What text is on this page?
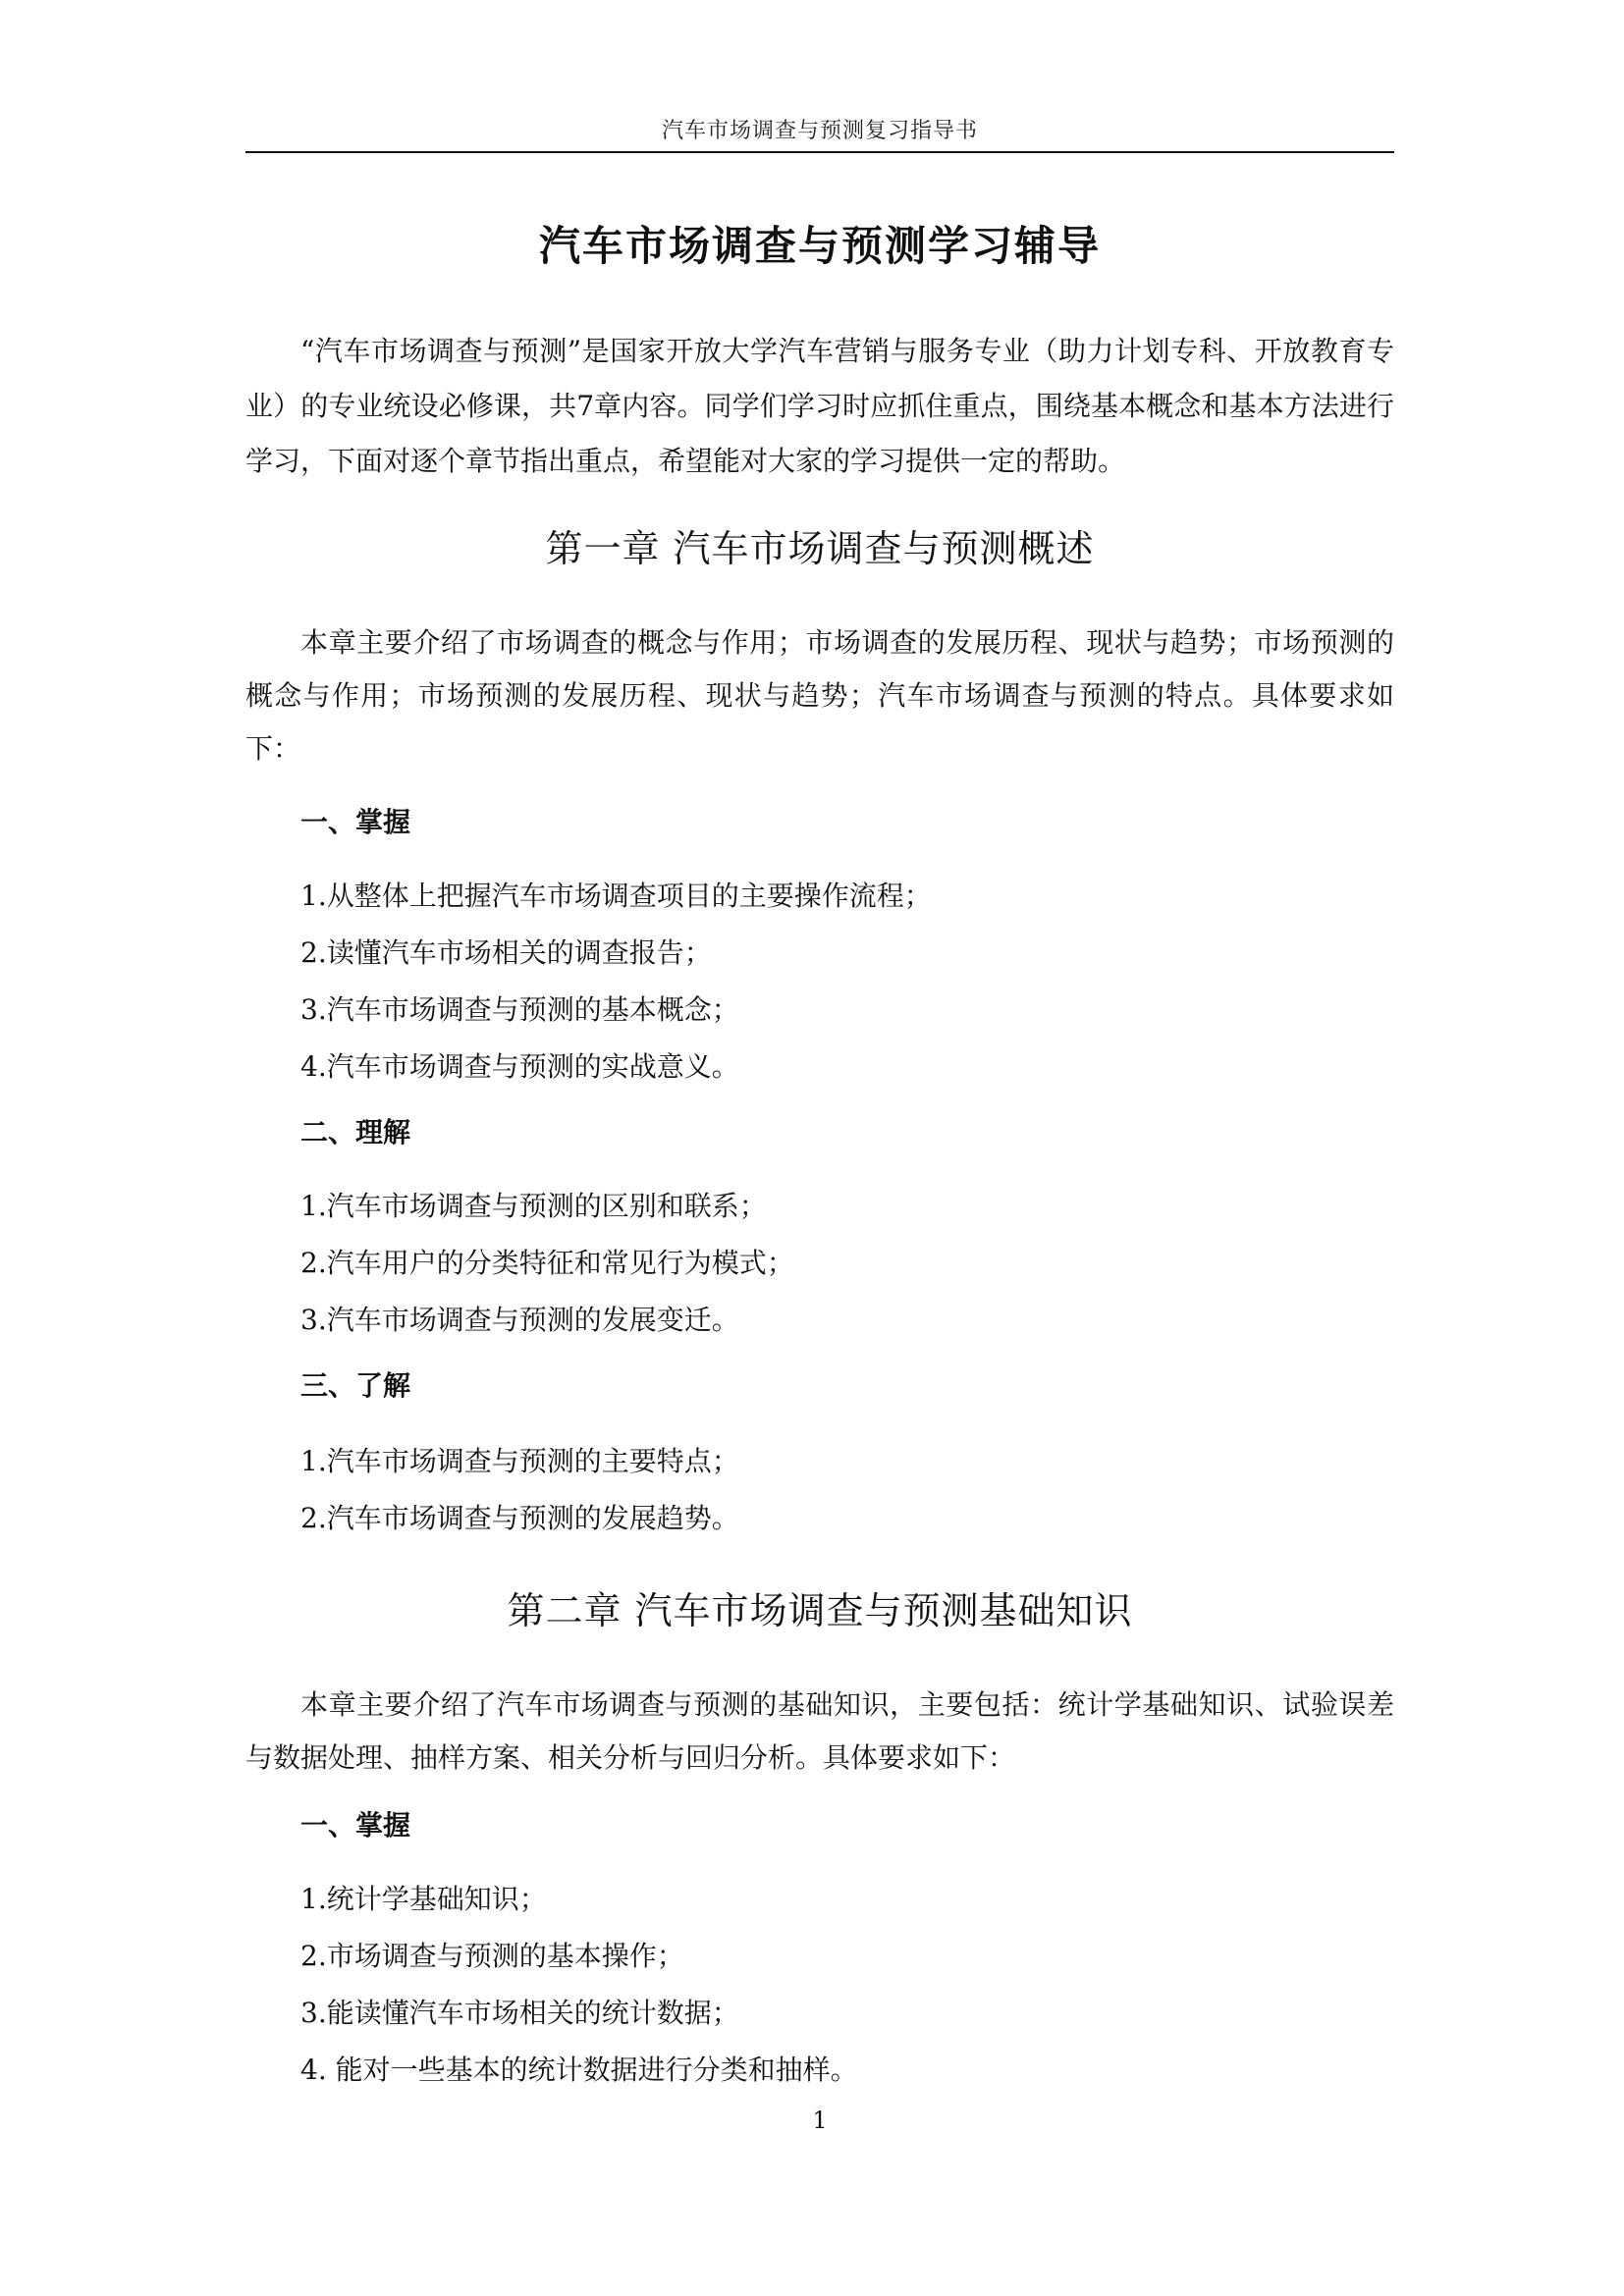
汽车市场调查与预测复习指导书
汽车市场调查与预测学习辅导

“汽车市场调查与预测”是国家开放大学汽车营销与服务专业（助力计划专科、开放教育专业）的专业统设必修课，共7章内容。同学们学习时应抓住重点，围绕基本概念和基本方法进行学习，下面对逐个章节指出重点，希望能对大家的学习提供一定的帮助。

第一章 汽车市场调查与预测概述

本章主要介绍了市场调查的概念与作用；市场调查的发展历程、现状与趋势；市场预测的概念与作用；市场预测的发展历程、现状与趋势；汽车市场调查与预测的特点。具体要求如下：

一、掌握
1.从整体上把握汽车市场调查项目的主要操作流程；
2.读懂汽车市场相关的调查报告；
3.汽车市场调查与预测的基本概念；
4.汽车市场调查与预测的实战意义。
二、理解
1.汽车市场调查与预测的区别和联系；
2.汽车用户的分类特征和常见行为模式；
3.汽车市场调查与预测的发展变迁。
三、了解
1.汽车市场调查与预测的主要特点；
2.汽车市场调查与预测的发展趋势。
第二章 汽车市场调查与预测基础知识

本章主要介绍了汽车市场调查与预测的基础知识，主要包括：统计学基础知识、试验误差与数据处理、抽样方案、相关分析与回归分析。具体要求如下：

一、掌握
1.统计学基础知识；
2.市场调查与预测的基本操作；
3.能读懂汽车市场相关的统计数据；
4. 能对一些基本的统计数据进行分类和抽样。
1
